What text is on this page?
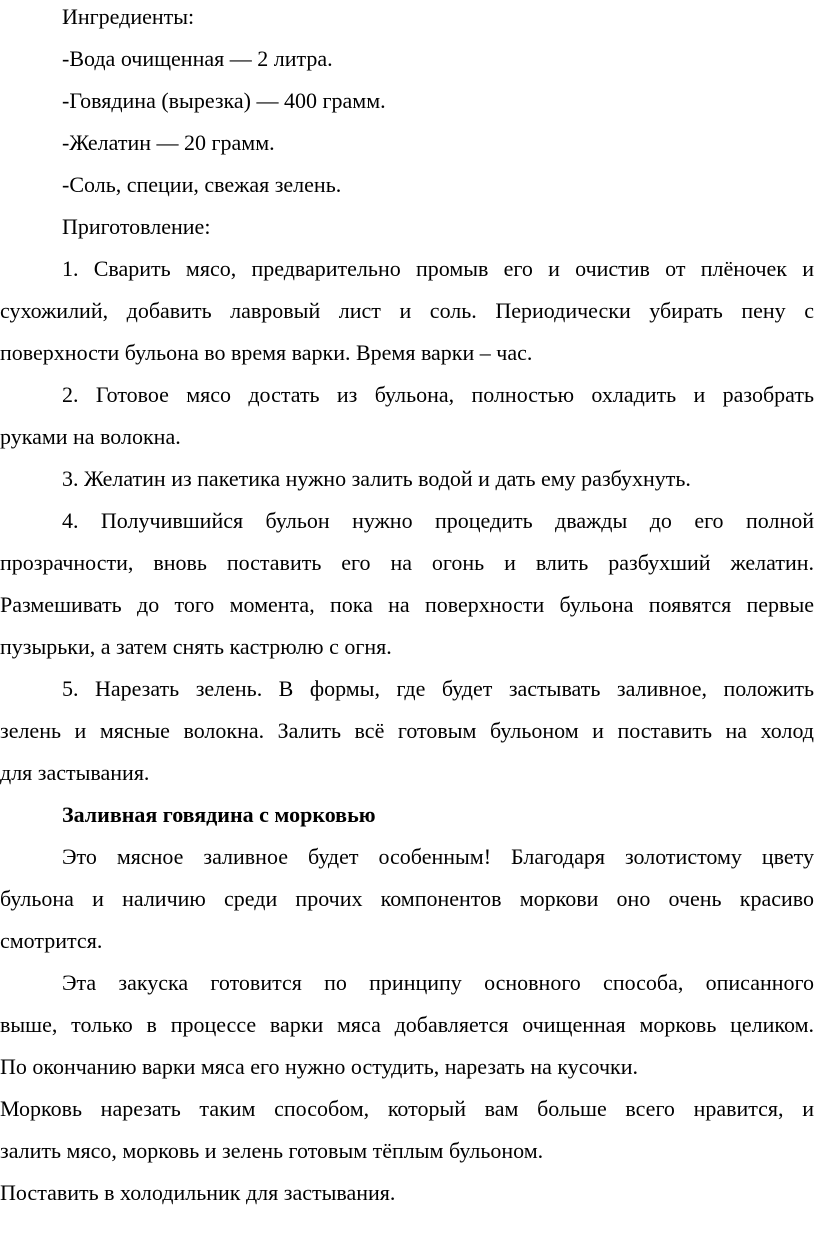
Ингредиенты:
-Вода очищенная — 2 литра.
-Говядина (вырезка) — 400 грамм.
-Желатин — 20 грамм.
-Соль, специи, свежая зелень.
Приготовление:
1. Сварить мясо, предварительно промыв его и очистив от плёночек и
сухожилий, добавить лавровый лист и соль. Периодически убирать пену с
поверхности бульона во время варки. Время варки – час.
2. Готовое мясо достать из бульона, полностью охладить и разобрать
руками на волокна.
3. Желатин из пакетика нужно залить водой и дать ему разбухнуть.
4. Получившийся бульон нужно процедить дважды до его полной
прозрачности, вновь поставить его на огонь и влить разбухший желатин.
Размешивать до того момента, пока на поверхности бульона появятся первые
пузырьки, а затем снять кастрюлю с огня.
5. Нарезать зелень. В формы, где будет застывать заливное, положить
зелень и мясные волокна. Залить всё готовым бульоном и поставить на холод
для застывания.
Заливная говядина с морковью
Это мясное заливное будет особенным! Благодаря золотистому цвету
бульона и наличию среди прочих компонентов моркови оно очень красиво
смотрится.
Эта закуска готовится по принципу основного способа, описанного
выше, только в процессе варки мяса добавляется очищенная морковь целиком.
По окончанию варки мяса его нужно остудить, нарезать на кусочки.
Морковь нарезать таким способом, который вам больше всего нравится, и
залить мясо, морковь и зелень готовым тёплым бульоном.
Поставить в холодильник для застывания.
